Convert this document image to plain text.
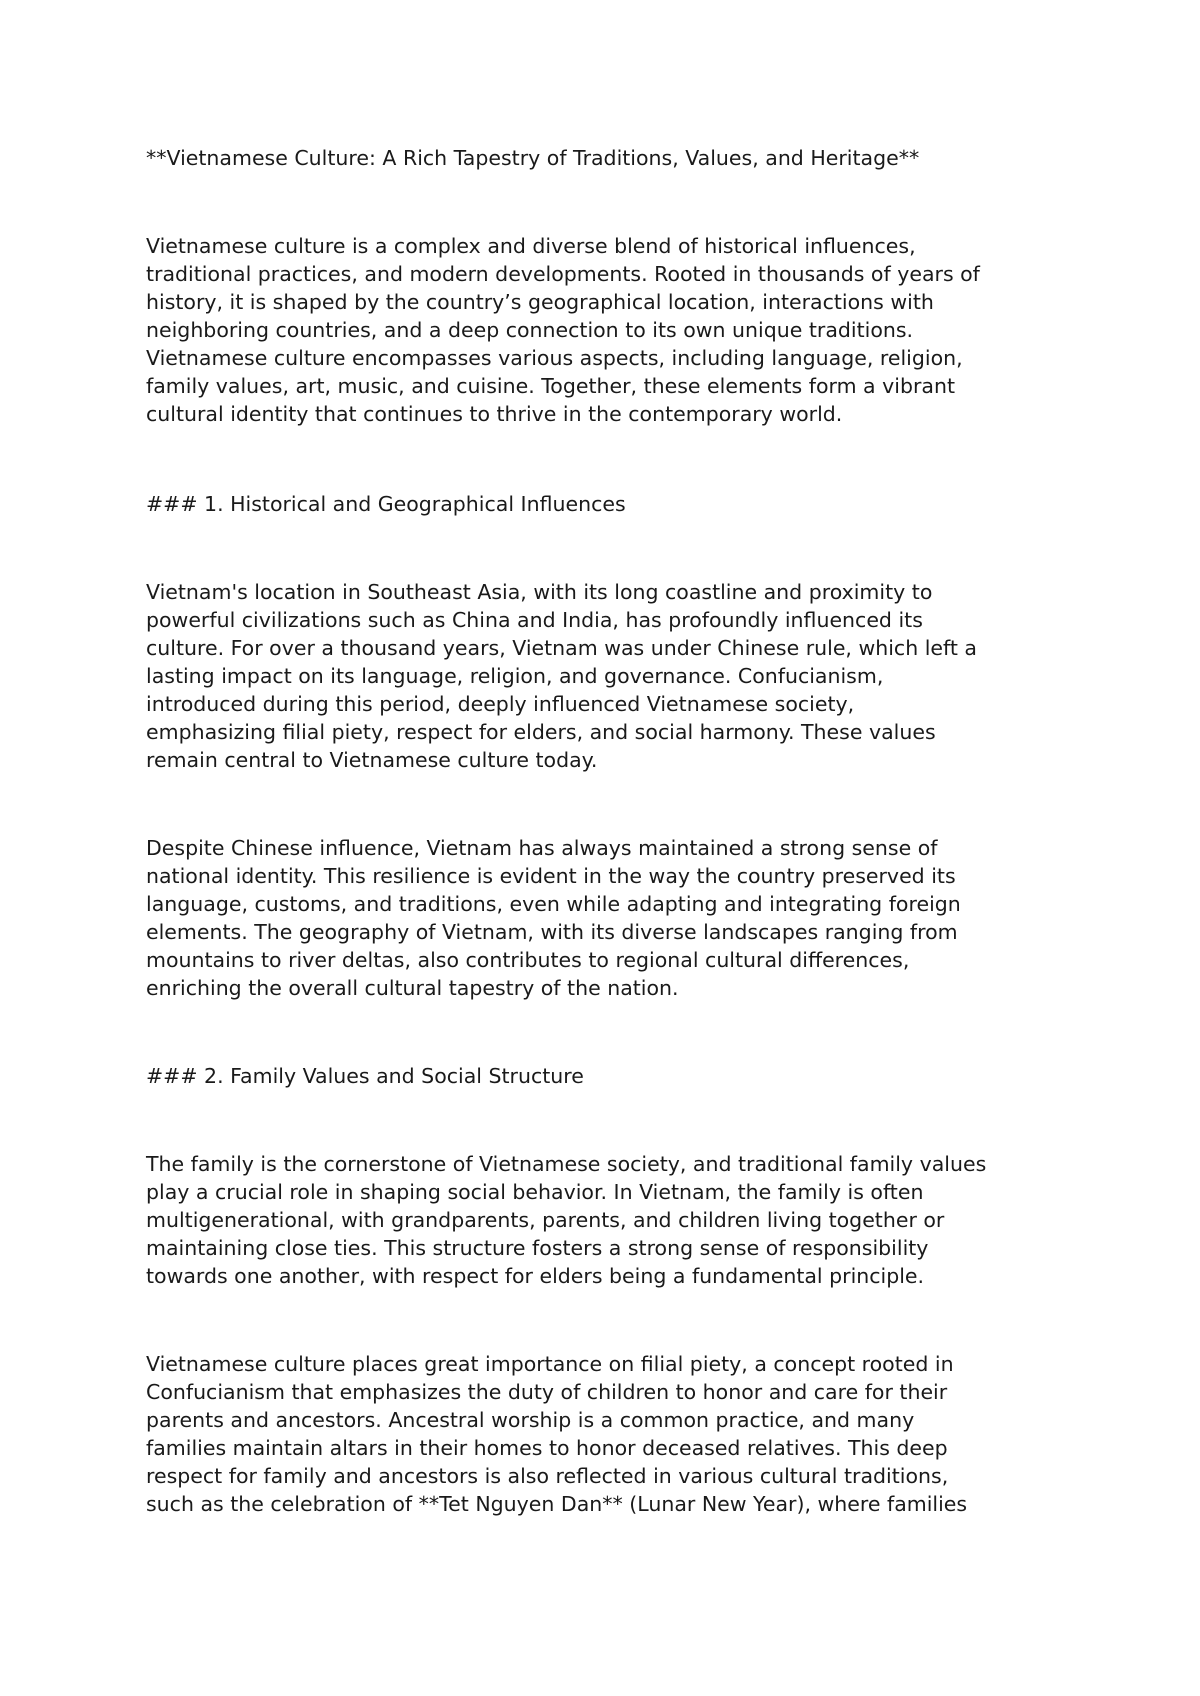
**Vietnamese Culture: A Rich Tapestry of Traditions, Values, and Heritage**

Vietnamese culture is a complex and diverse blend of historical influences,

traditional practices, and modern developments. Rooted in thousands of years of

history, it is shaped by the country’s geographical location, interactions with

neighboring countries, and a deep connection to its own unique traditions.

Vietnamese culture encompasses various aspects, including language, religion,

family values, art, music, and cuisine. Together, these elements form a vibrant

cultural identity that continues to thrive in the contemporary world.

### 1. Historical and Geographical Influences

Vietnam's location in Southeast Asia, with its long coastline and proximity to

powerful civilizations such as China and India, has profoundly influenced its

culture. For over a thousand years, Vietnam was under Chinese rule, which left a

lasting impact on its language, religion, and governance. Confucianism,

introduced during this period, deeply influenced Vietnamese society,

emphasizing filial piety, respect for elders, and social harmony. These values

remain central to Vietnamese culture today.

Despite Chinese influence, Vietnam has always maintained a strong sense of

national identity. This resilience is evident in the way the country preserved its

language, customs, and traditions, even while adapting and integrating foreign

elements. The geography of Vietnam, with its diverse landscapes ranging from

mountains to river deltas, also contributes to regional cultural differences,

enriching the overall cultural tapestry of the nation.

### 2. Family Values and Social Structure

The family is the cornerstone of Vietnamese society, and traditional family values

play a crucial role in shaping social behavior. In Vietnam, the family is often

multigenerational, with grandparents, parents, and children living together or

maintaining close ties. This structure fosters a strong sense of responsibility

towards one another, with respect for elders being a fundamental principle.

Vietnamese culture places great importance on filial piety, a concept rooted in

Confucianism that emphasizes the duty of children to honor and care for their

parents and ancestors. Ancestral worship is a common practice, and many

families maintain altars in their homes to honor deceased relatives. This deep

respect for family and ancestors is also reflected in various cultural traditions,

such as the celebration of **Tet Nguyen Dan** (Lunar New Year), where families
